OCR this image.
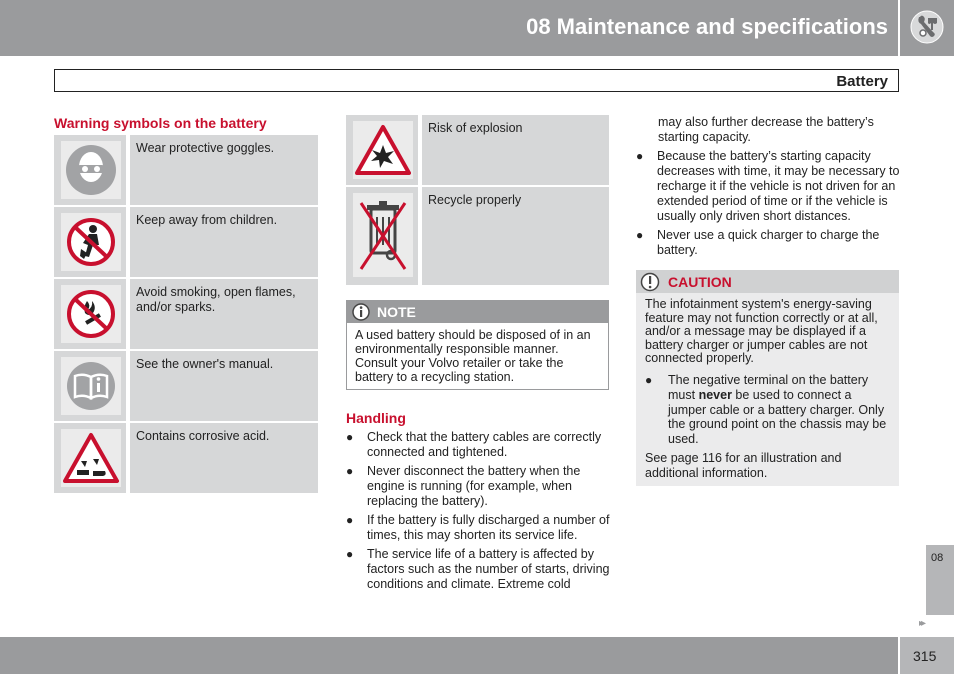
08 Maintenance and specifications
Battery
Warning symbols on the battery
Wear protective goggles.
Keep away from children.
Avoid smoking, open flames, and/or sparks.
See the owner's manual.
Contains corrosive acid.
Risk of explosion
Recycle properly
NOTE
A used battery should be disposed of in an environmentally responsible manner. Consult your Volvo retailer or take the battery to a recycling station.
Handling
● Check that the battery cables are correctly connected and tightened.
● Never disconnect the battery when the engine is running (for example, when replacing the battery).
● If the battery is fully discharged a number of times, this may shorten its service life.
● The service life of a battery is affected by factors such as the number of starts, driving conditions and climate. Extreme cold
may also further decrease the battery’s starting capacity.
● Because the battery’s starting capacity decreases with time, it may be necessary to recharge it if the vehicle is not driven for an extended period of time or if the vehicle is usually only driven short distances.
● Never use a quick charger to charge the battery.
CAUTION
The infotainment system's energy-saving feature may not function correctly or at all, and/or a message may be displayed if a battery charger or jumper cables are not connected properly.
● The negative terminal on the battery must never be used to connect a jumper cable or a battery charger. Only the ground point on the chassis may be used.
See page 116 for an illustration and additional information.
08
▸▸
315
